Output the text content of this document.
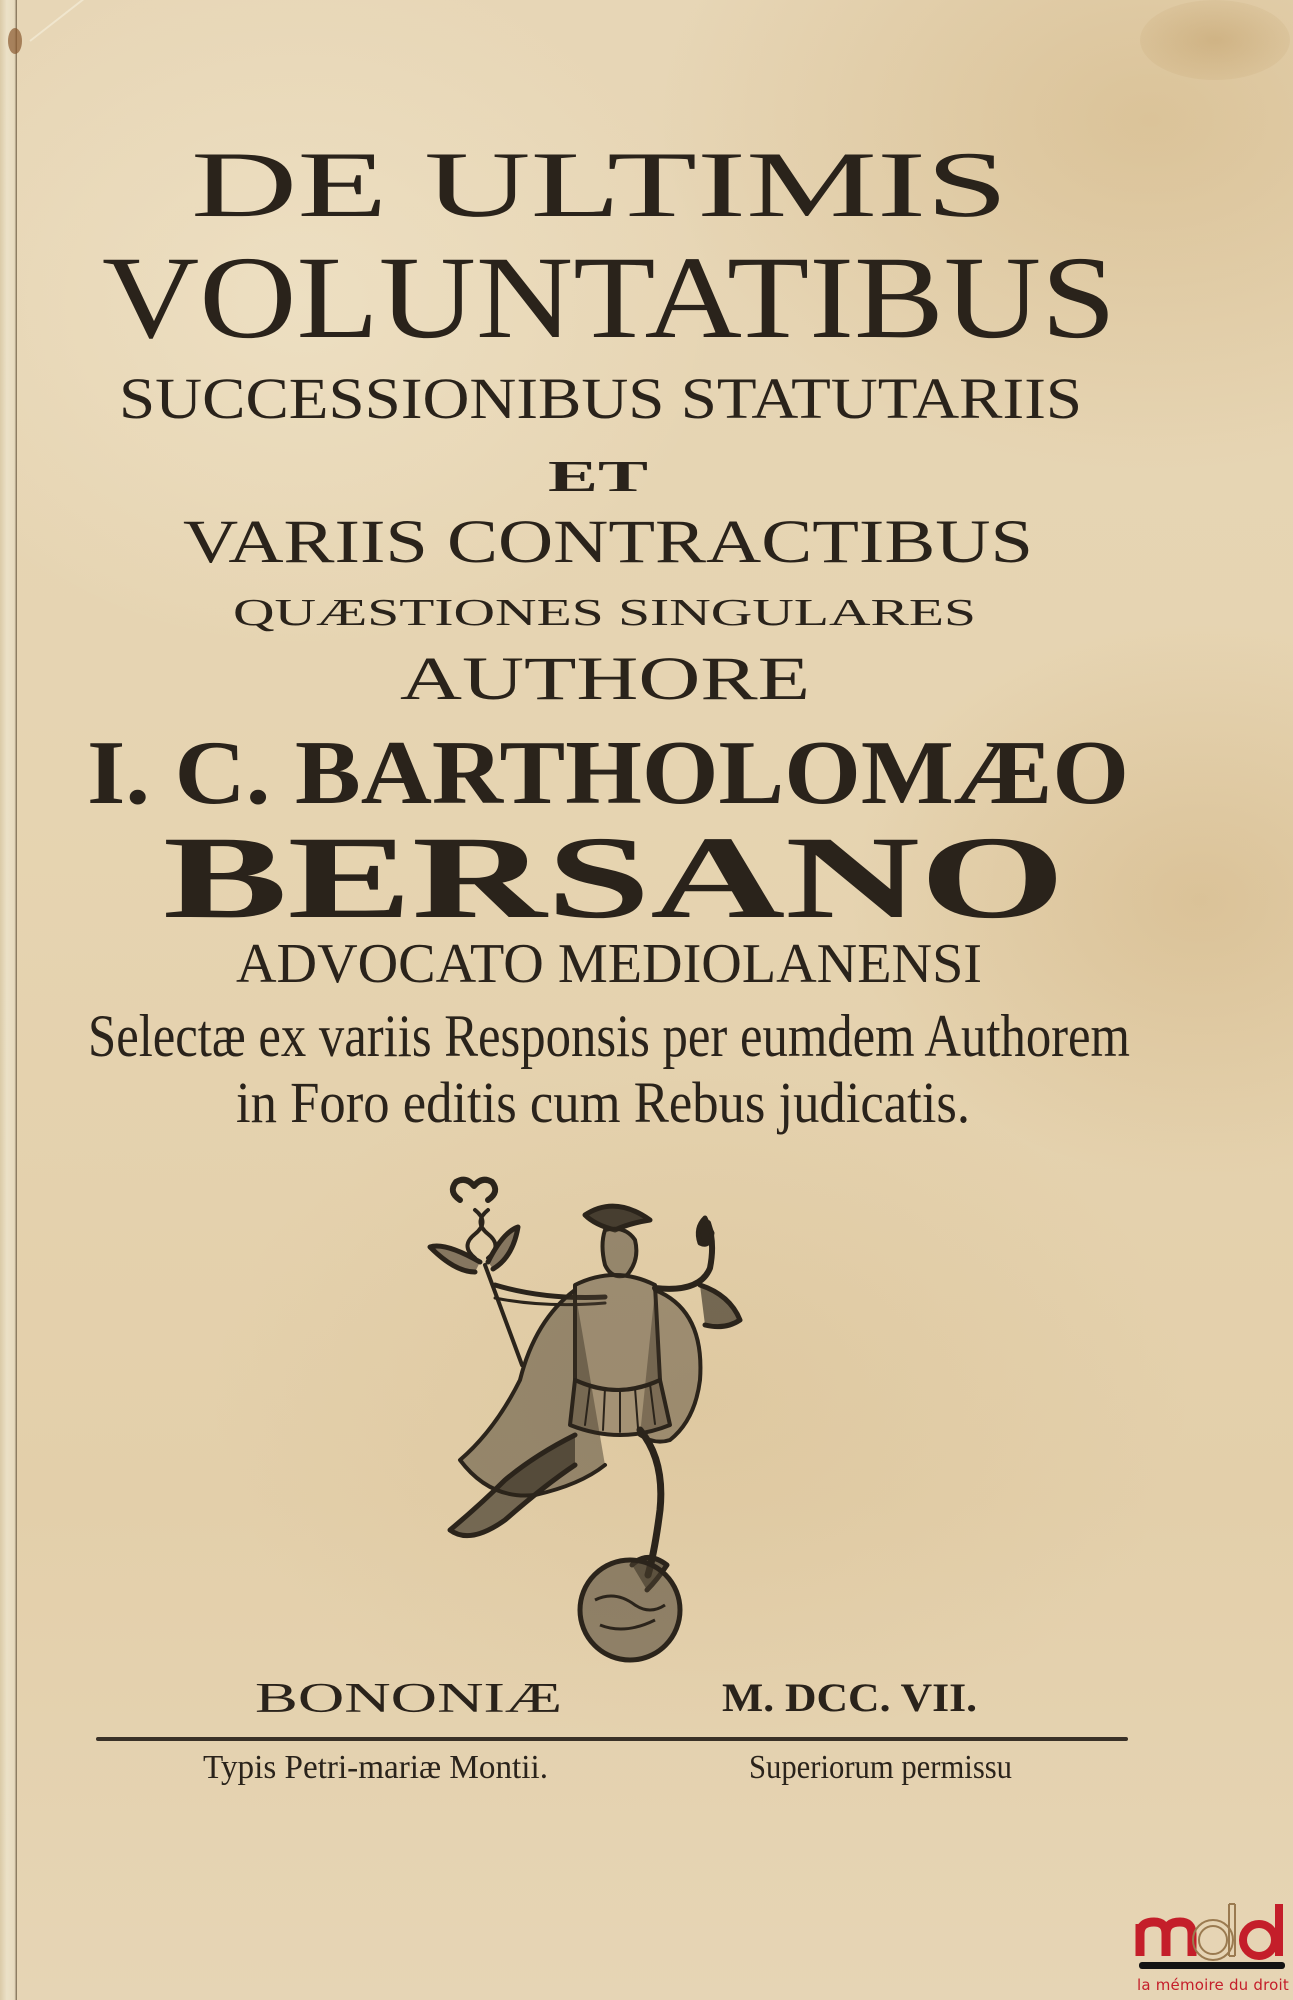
DE ULTIMIS
VOLUNTATIBUS
SUCCESSIONIBUS STATUTARIIS
ET
VARIIS CONTRACTIBUS
QUÆSTIONES SINGULARES
AUTHORE
I. C. BARTHOLOMÆO
BERSANO
ADVOCATO MEDIOLANENSI
Selectæ ex variis Responsis per eumdem Authorem
in Foro editis cum Rebus judicatis.
BONONIÆ	M. DCC. VII.
Typis Petri-mariæ Montii.	Superiorum permissu
la mémoire du droit
